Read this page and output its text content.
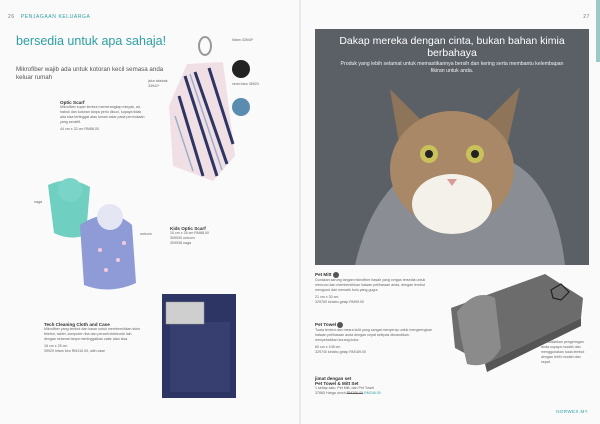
26 PENJAGAAN KELUARGA
bersedia untuk apa sahaja!
Mikrofiber wajib ada untuk kotoran kecil semasa anda keluar rumah	jalur abstrak 33941*
hitam 33940*
versi baru 36924
Optic Scarf
Mikrofiber super lembut memerangkap minyak, air, habuk dan kotoran tanpa perlu dicuci, supaya tidak ada sisa tertinggal atau kesan calar pada permukaan yang sensitif.
44 cm x 32 cm RM88.00
naga
unicorn
Kids Optic Scarf
15 cm x 26 cm RM88.00
309930 unicorn
309938 naga
Tech Cleaning Cloth and Case
Mikrofiber yang lembut dan kasar untuk membersihkan skrin telefon, tablet, komputer riba dan peranti elektronik lain dengan selamat tanpa meninggalkan calar atau sisa.
18 cm x 25 cm
39929 hitam biru RM110.00, with case
27
Dakap mereka dengan cinta, bukan bahan kimia berbahaya
Produk yang lebih selamat untuk memastikannya bersih dan kering serta membantu kelembapan fikiran untuk anda.
Pet Mitt
Gunakan sarung tangan mikrofiber basah yang cergas tersedia untuk mencuci dan membersihkan haiwan peliharaan anda, dengan lembut mengurut dan menarik bulu yang gugur.
21 cm x 30 cm
329760 kelabu gelap RM99.00
Pet Towel
Tuala lembut dan mesra kulit yang sangat menyerap untuk mengeringkan haiwan peliharaan anda dengan cepat selepas dimandikan, menyebabkan kurang kotor.
60 cm x 108 cm
329740 kelabu gelap RM189.00
jimat dengan set
Pet Towel & Mitt Set
1 setiap satu: Pet Mitt, dan Pet Towel
37865 Harga runcit RM288.00 RM246.00
Memudahkan pengeringan anda supaya mudah dan menggunakan tuala lembut dengan lebih mudah dan cepat.
NORWEX.MY
